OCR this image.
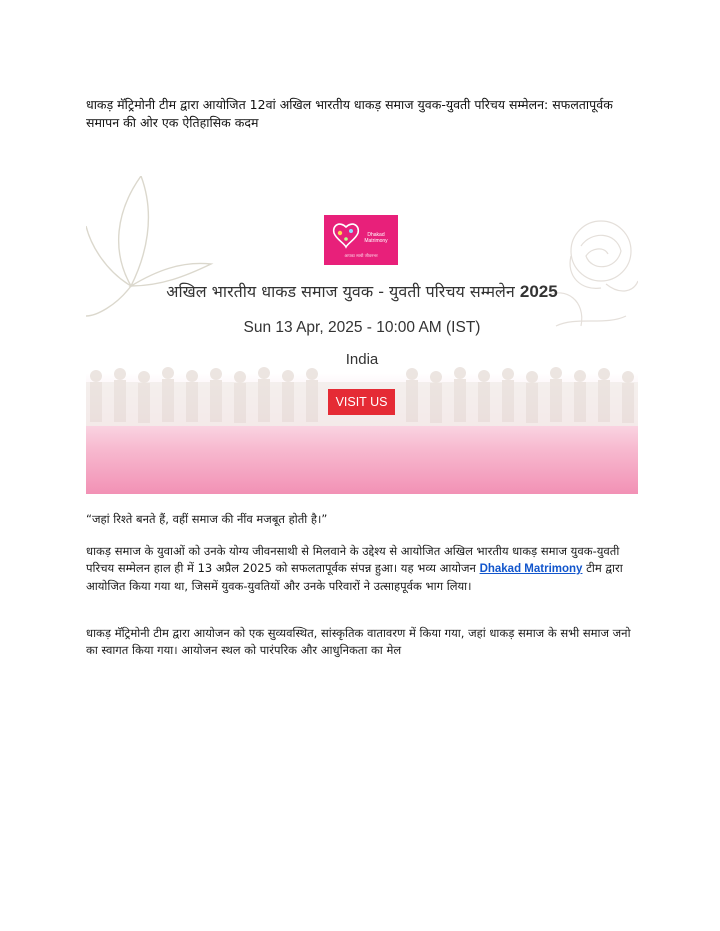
धाकड़ मॅट्रिमोनी टीम द्वारा आयोजित 12वां अखिल भारतीय धाकड़ समाज युवक-युवती परिचय सम्मेलन: सफलतापूर्वक समापन की ओर एक ऐतिहासिक कदम
Dhakad Matrimony
आपका साथी जीवनभर
अखिल भारतीय धाकड समाज युवक - युवती परिचय सम्मलेन 2025
Sun 13 Apr, 2025 - 10:00 AM (IST)
India
VISIT US
“जहां रिश्ते बनते हैं, वहीं समाज की नींव मजबूत होती है।”
धाकड़ समाज के युवाओं को उनके योग्य जीवनसाथी से मिलवाने के उद्देश्य से आयोजित अखिल भारतीय धाकड़ समाज युवक-युवती परिचय सम्मेलन हाल ही में 13 अप्रैल 2025 को सफलतापूर्वक संपन्न हुआ। यह भव्य आयोजन Dhakad Matrimony टीम द्वारा आयोजित किया गया था, जिसमें युवक-युवतियों और उनके परिवारों ने उत्साहपूर्वक भाग लिया।
धाकड़ मॅट्रिमोनी टीम द्वारा आयोजन को एक सुव्यवस्थित, सांस्कृतिक वातावरण में किया गया, जहां धाकड़ समाज के सभी समाज जनो का स्वागत किया गया। आयोजन स्थल को पारंपरिक और आधुनिकता का मेल
